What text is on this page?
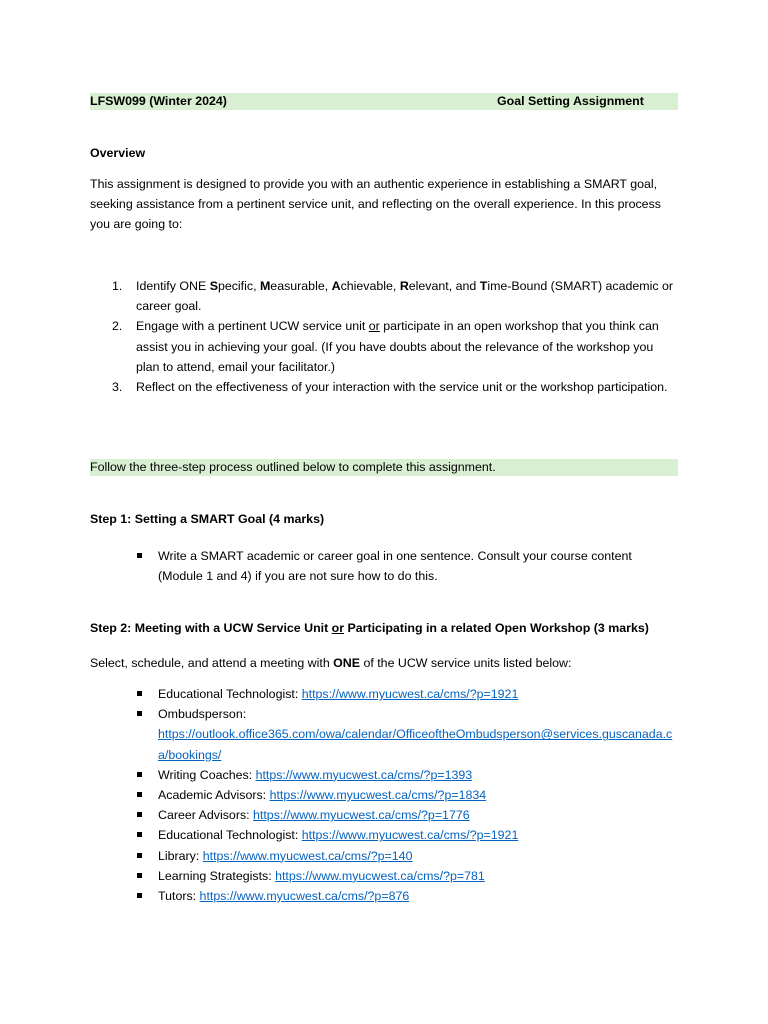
LFSW099 (Winter 2024)	Goal Setting Assignment
Overview
This assignment is designed to provide you with an authentic experience in establishing a SMART goal, seeking assistance from a pertinent service unit, and reflecting on the overall experience. In this process you are going to:
1. Identify ONE Specific, Measurable, Achievable, Relevant, and Time-Bound (SMART) academic or career goal.
2. Engage with a pertinent UCW service unit or participate in an open workshop that you think can assist you in achieving your goal. (If you have doubts about the relevance of the workshop you plan to attend, email your facilitator.)
3. Reflect on the effectiveness of your interaction with the service unit or the workshop participation.
Follow the three-step process outlined below to complete this assignment.
Step 1: Setting a SMART Goal (4 marks)
Write a SMART academic or career goal in one sentence. Consult your course content (Module 1 and 4) if you are not sure how to do this.
Step 2: Meeting with a UCW Service Unit or Participating in a related Open Workshop (3 marks)
Select, schedule, and attend a meeting with ONE of the UCW service units listed below:
Educational Technologist: https://www.myucwest.ca/cms/?p=1921
Ombudsperson:
https://outlook.office365.com/owa/calendar/OfficeoftheOmbudsperson@services.guscanada.ca/bookings/
Writing Coaches: https://www.myucwest.ca/cms/?p=1393
Academic Advisors: https://www.myucwest.ca/cms/?p=1834
Career Advisors: https://www.myucwest.ca/cms/?p=1776
Educational Technologist: https://www.myucwest.ca/cms/?p=1921
Library: https://www.myucwest.ca/cms/?p=140
Learning Strategists: https://www.myucwest.ca/cms/?p=781
Tutors: https://www.myucwest.ca/cms/?p=876
